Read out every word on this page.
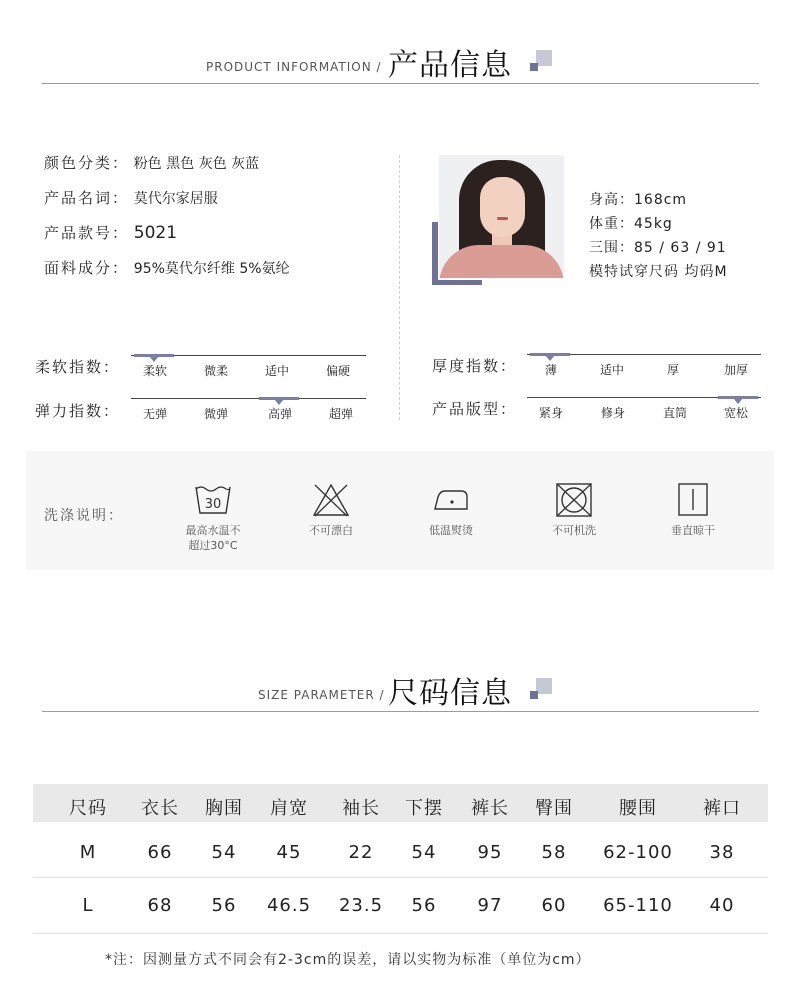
PRODUCT INFORMATION / 产品信息
颜色分类： 粉色 黑色 灰色 灰蓝
产品名词： 莫代尔家居服
产品款号： 5021
面料成分： 95%莫代尔纤维 5%氨纶
身高：168cm
体重：45kg
三围：85 / 63 / 91
模特试穿尺码 均码M
柔软指数：	柔软	微柔	适中	偏硬
弹力指数：	无弹	微弹	高弹	超弹
厚度指数：	薄	适中	厚	加厚
产品版型：	紧身	修身	直筒	宽松
洗涤说明：
30
最高水温不
超过30°C
不可漂白	低温熨烫	不可机洗	垂直晾干
SIZE PARAMETER / 尺码信息
尺码	衣长	胸围	肩宽	袖长	下摆	裤长	臀围	腰围	裤口
M	66	54	45	22	54	95	58	62-100	38
L	68	56	46.5	23.5	56	97	60	65-110	40
*注：因测量方式不同会有2-3cm的误差，请以实物为标准（单位为cm）
